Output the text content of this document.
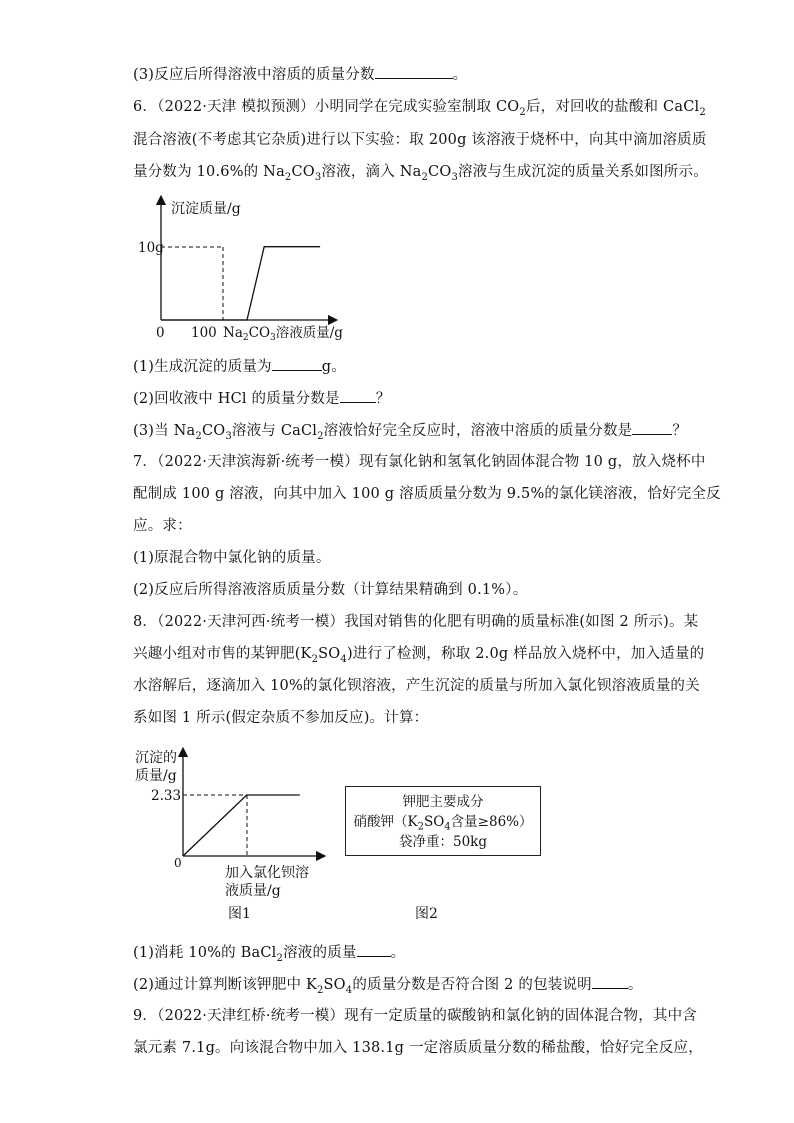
(3)反应后所得溶液中溶质的质量分数	。
6．（2022·天津 模拟预测）小明同学在完成实验室制取 $CO_2$后，对回收的盐酸和 CaCl$_2$
混合溶液(不考虑其它杂质)进行以下实验：取 200g 该溶液于烧杯中，向其中滴加溶质质
量分数为 10.6%的 $Na_2CO_3$溶液，滴入 $Na_2CO_3$溶液与生成沉淀的质量关系如图所示。
沉淀质量/g
10g
0 100 $Na_2CO_3$溶液质量/g
(1)生成沉淀的质量为	g。
(2)回收液中 HCl 的质量分数是 ？
(3)当 $Na_2CO_3$溶液与 CaCl$_2$溶液恰好完全反应时，溶液中溶质的质量分数是	？
7．（2022·天津滨海新·统考一模）现有氯化钠和氢氧化钠固体混合物 10 g，放入烧杯中
配制成 100 g 溶液，向其中加入 100 g 溶质质量分数为 9.5%的氯化镁溶液，恰好完全反
应。求：
(1)原混合物中氯化钠的质量。
(2)反应后所得溶液溶质质量分数（计算结果精确到 0.1%）。
8．（2022·天津河西·统考一模）我国对销售的化肥有明确的质量标准(如图 2 所示)。某
兴趣小组对市售的某钾肥$(K_2SO_4)$进行了检测，称取 2.0g 样品放入烧杯中，加入适量的
水溶解后，逐滴加入 10%的氯化钡溶液，产生沉淀的质量与所加入氯化钡溶液质量的关
系如图 1 所示(假定杂质不参加反应)。计算：
沉淀的
质量/g
2.33
0
加入氯化钡溶
液质量/g
图1
钾肥主要成分
硝酸钾（$K_2SO_4$含量≥86%）
袋净重：50kg
图2
(1)消耗 10%的 BaCl$_2$溶液的质量 。
(2)通过计算判断该钾肥中 $K_2SO_4$的质量分数是否符合图 2 的包装说明 。
9．（2022·天津红桥·统考一模）现有一定质量的碳酸钠和氯化钠的固体混合物，其中含
氯元素 7.1g。向该混合物中加入 138.1g 一定溶质质量分数的稀盐酸，恰好完全反应，
